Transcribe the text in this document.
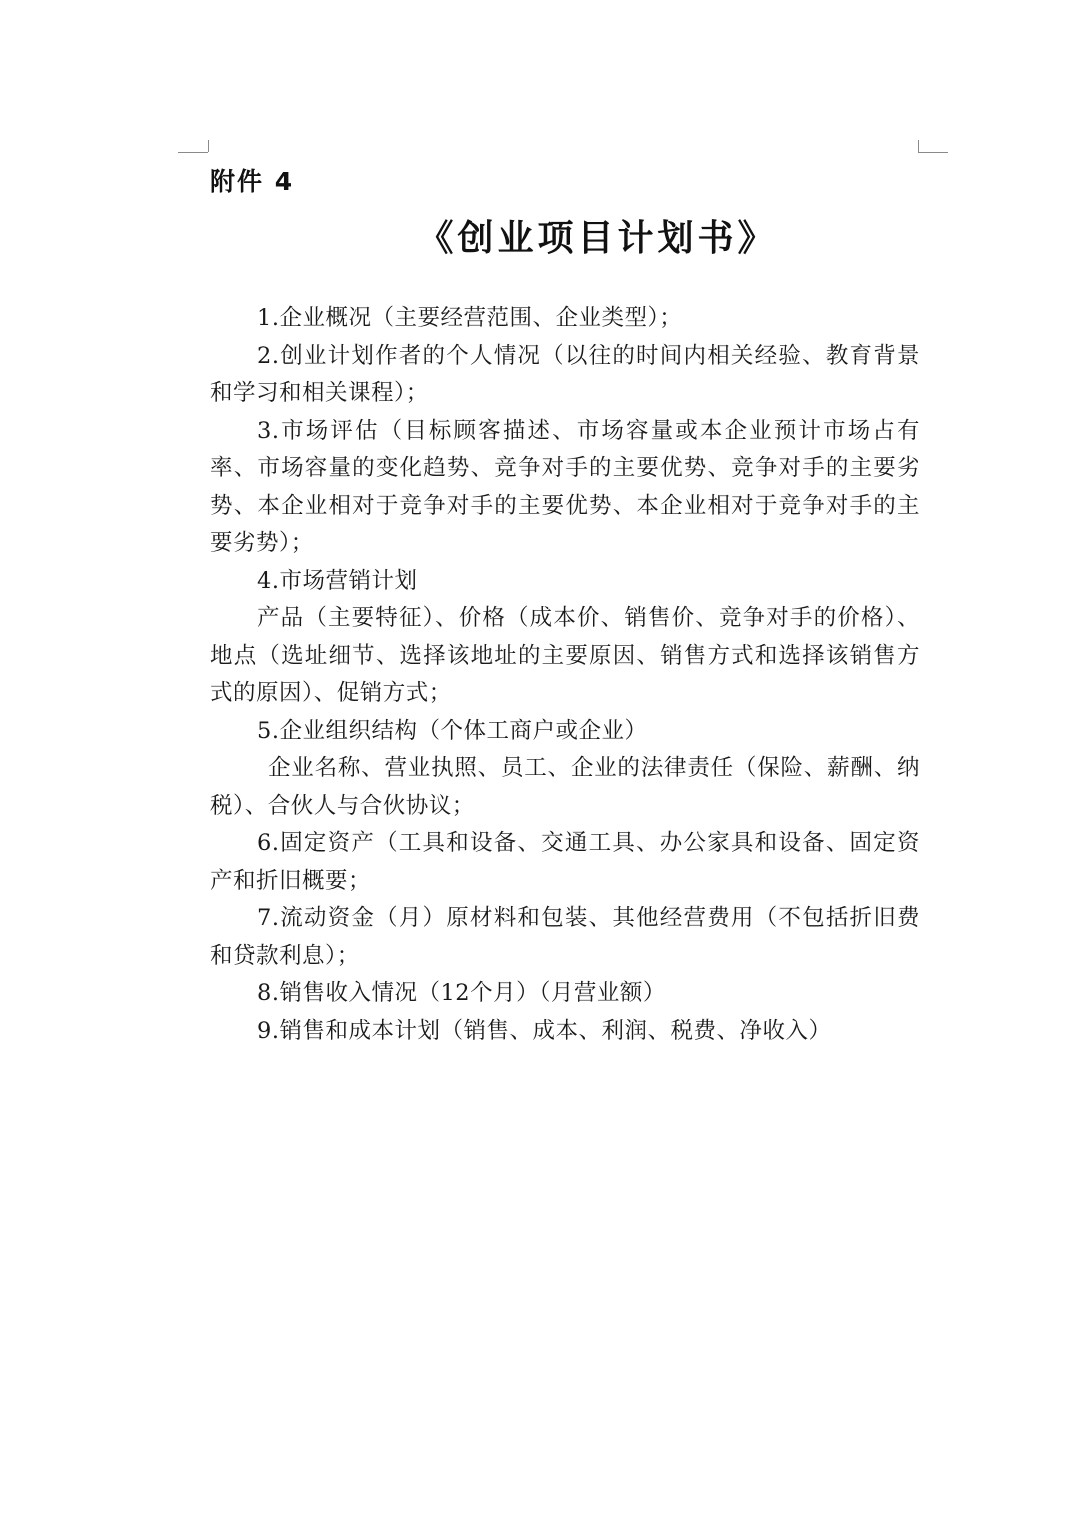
附件 4
《创业项目计划书》

1.企业概况（主要经营范围、企业类型）；

2.创业计划作者的个人情况（以往的时间内相关经验、教育背景和学习和相关课程）；

3.市场评估（目标顾客描述、市场容量或本企业预计市场占有率、市场容量的变化趋势、竞争对手的主要优势、竞争对手的主要劣势、本企业相对于竞争对手的主要优势、本企业相对于竞争对手的主要劣势）；

4.市场营销计划

产品（主要特征）、价格（成本价、销售价、竞争对手的价格）、地点（选址细节、选择该地址的主要原因、销售方式和选择该销售方式的原因）、促销方式；

5.企业组织结构（个体工商户或企业）

企业名称、营业执照、员工、企业的法律责任（保险、薪酬、纳税）、合伙人与合伙协议；

6.固定资产（工具和设备、交通工具、办公家具和设备、固定资产和折旧概要；

7.流动资金（月）原材料和包装、其他经营费用（不包括折旧费和贷款利息）；

8.销售收入情况（12个月）（月营业额）

9.销售和成本计划（销售、成本、利润、税费、净收入）
